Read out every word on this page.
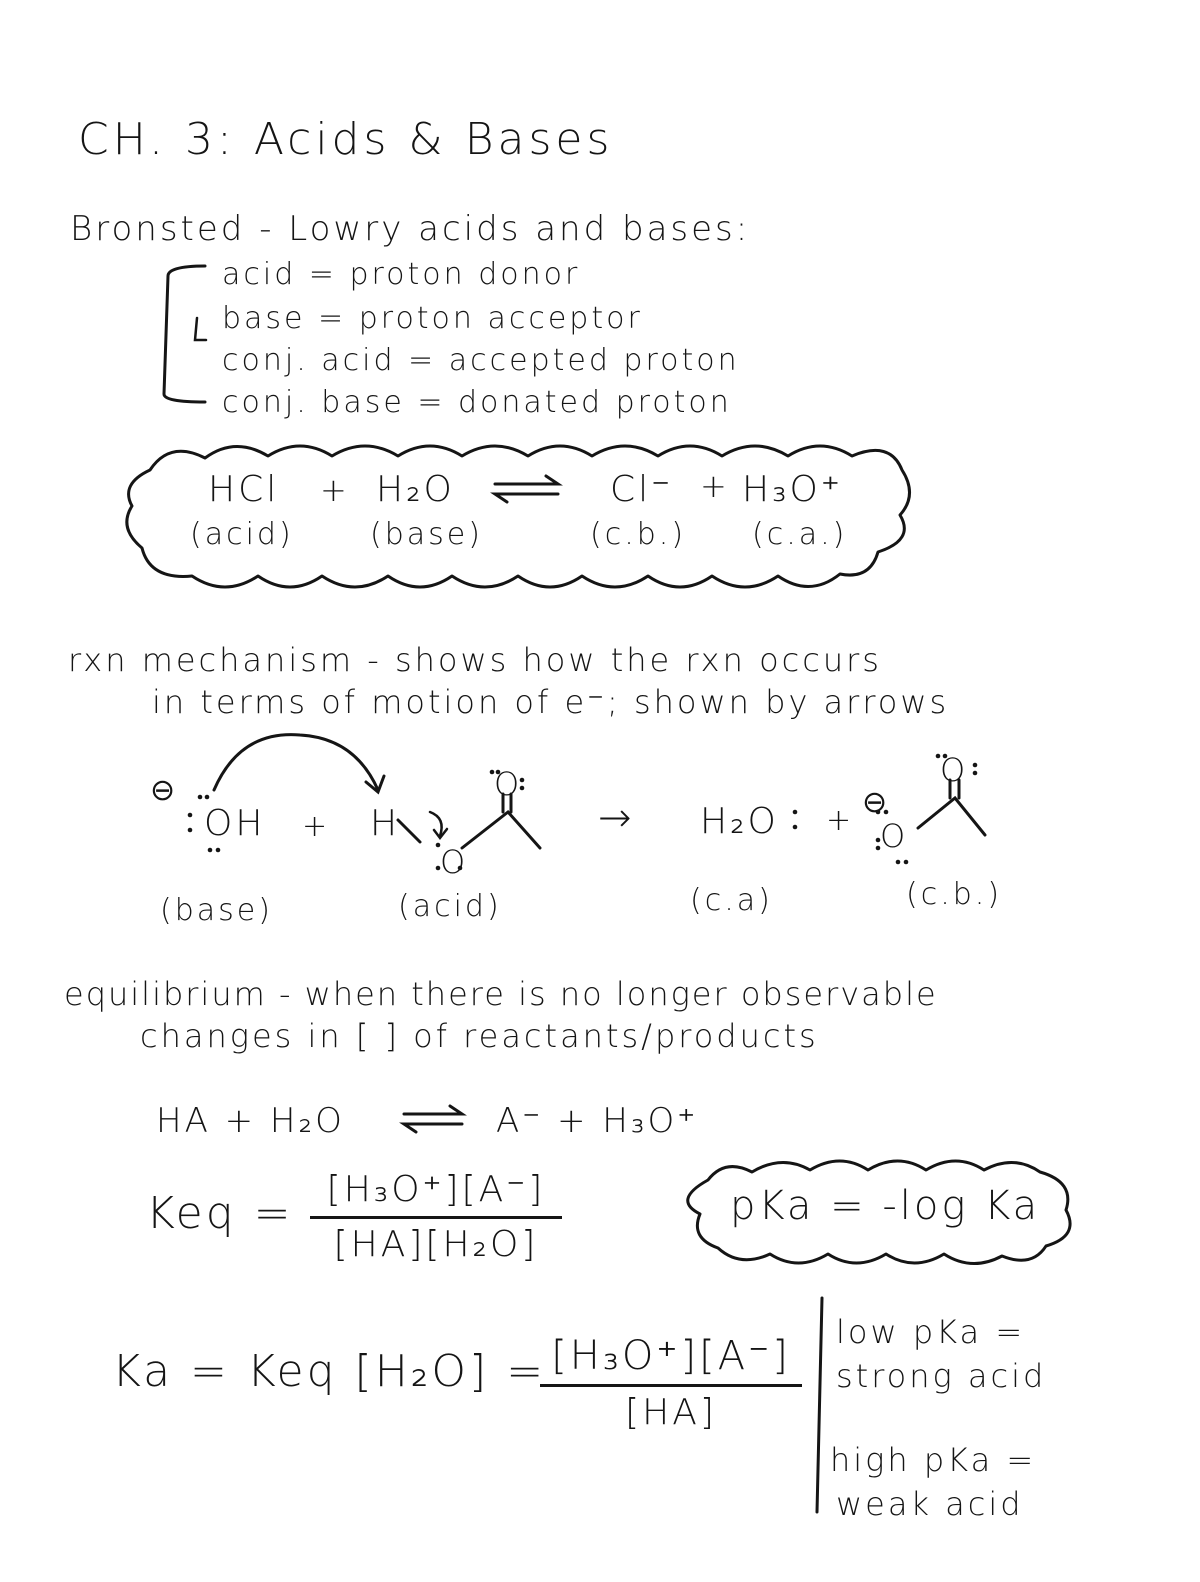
CH. 3: Acids & Bases
Bronsted - Lowry acids and bases:
acid = proton donor
base = proton acceptor
conj. acid = accepted proton
conj. base = donated proton
HCl + H₂O	Cl⁻ + H₃O⁺
(acid)	(base)	(c.b.) (c.a.)
rxn mechanism - shows how the rxn occurs
in terms of motion of e⁻; shown by arrows
⊖
OH + H
O
O
→ H₂O +
⊖
O
O
(base)	(acid)	(c.a)	(c.b.)
equilibrium - when there is no longer observable
changes in [ ] of reactants/products
HA + H₂O	A⁻ + H₃O⁺
Keq = [H₃O⁺][A⁻]
[HA][H₂O]
pKa = -log Ka
Ka = Keq [H₂O] = [H₃O⁺][A⁻]
[HA]
low pKa =
strong acid
high pKa =
weak acid
